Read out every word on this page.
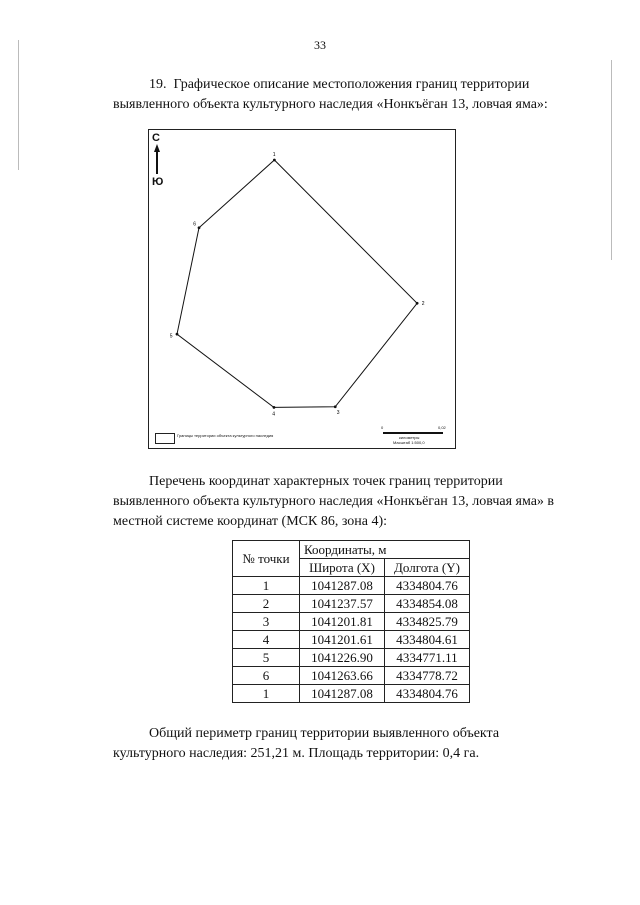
33
19. Графическое описание местоположения границ территории
выявленного объекта культурного наследия «Нонкъёган 13, ловчая яма»:
С
Ю
1
2
3
4
5
6
Границы территории объекта культурного наследия
0	0,02
километры
Масштаб 1:500,0
Перечень координат характерных точек границ территории
выявленного объекта культурного наследия «Нонкъёган 13, ловчая яма» в
местной системе координат (МСК 86, зона 4):
№ точки	Координаты, м	
	Широта (X)	Долгота (Y)
1	1041287.08	4334804.76
2	1041237.57	4334854.08
3	1041201.81	4334825.79
4	1041201.61	4334804.61
5	1041226.90	4334771.11
6	1041263.66	4334778.72
1	1041287.08	4334804.76
Общий периметр границ территории выявленного объекта
культурного наследия: 251,21 м. Площадь территории: 0,4 га.
